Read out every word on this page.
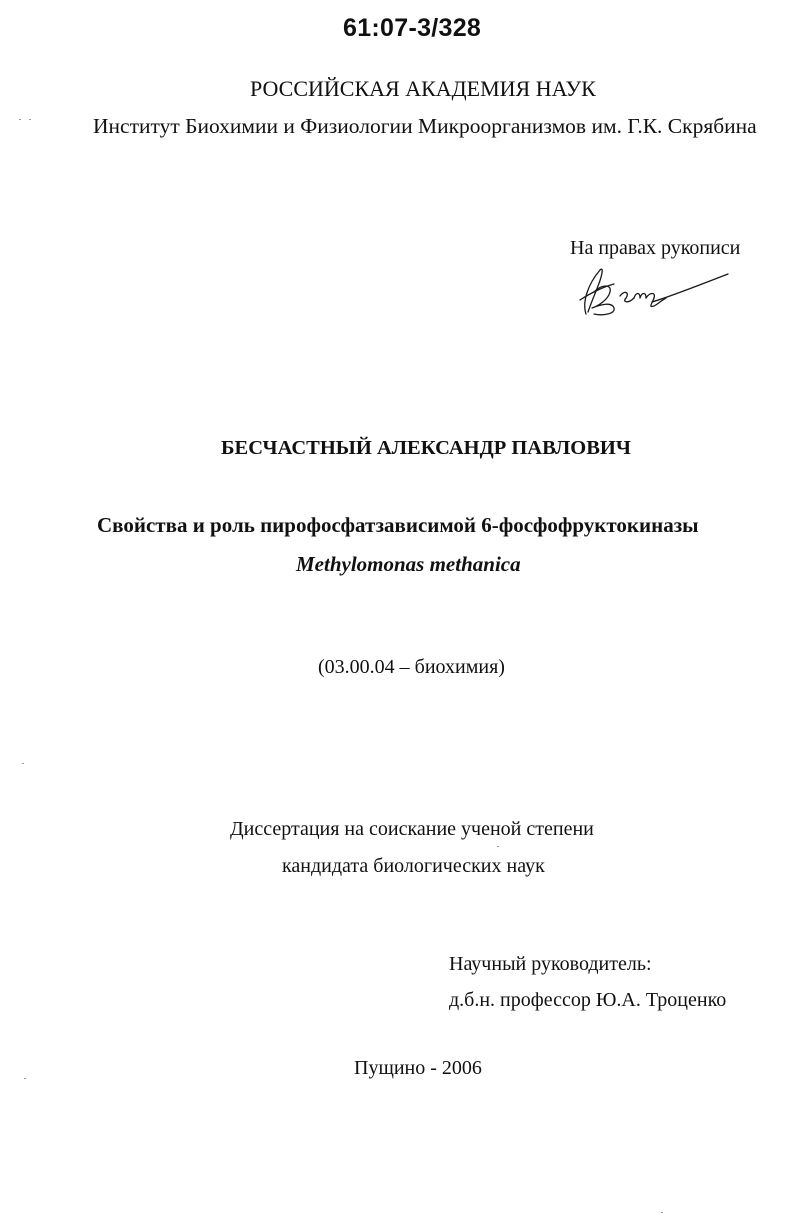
61:07-3/328
РОССИЙСКАЯ АКАДЕМИЯ НАУК
Институт Биохимии и Физиологии Микроорганизмов им. Г.К. Скрябина
На правах рукописи
БЕСЧАСТНЫЙ АЛЕКСАНДР ПАВЛОВИЧ
Свойства и роль пирофосфатзависимой 6-фосфофруктокиназы
Methylomonas methanica
(03.00.04 – биохимия)
Диссертация на соискание ученой степени
кандидата биологических наук
Научный руководитель:
д.б.н. профессор Ю.А. Троценко
Пущино - 2006
